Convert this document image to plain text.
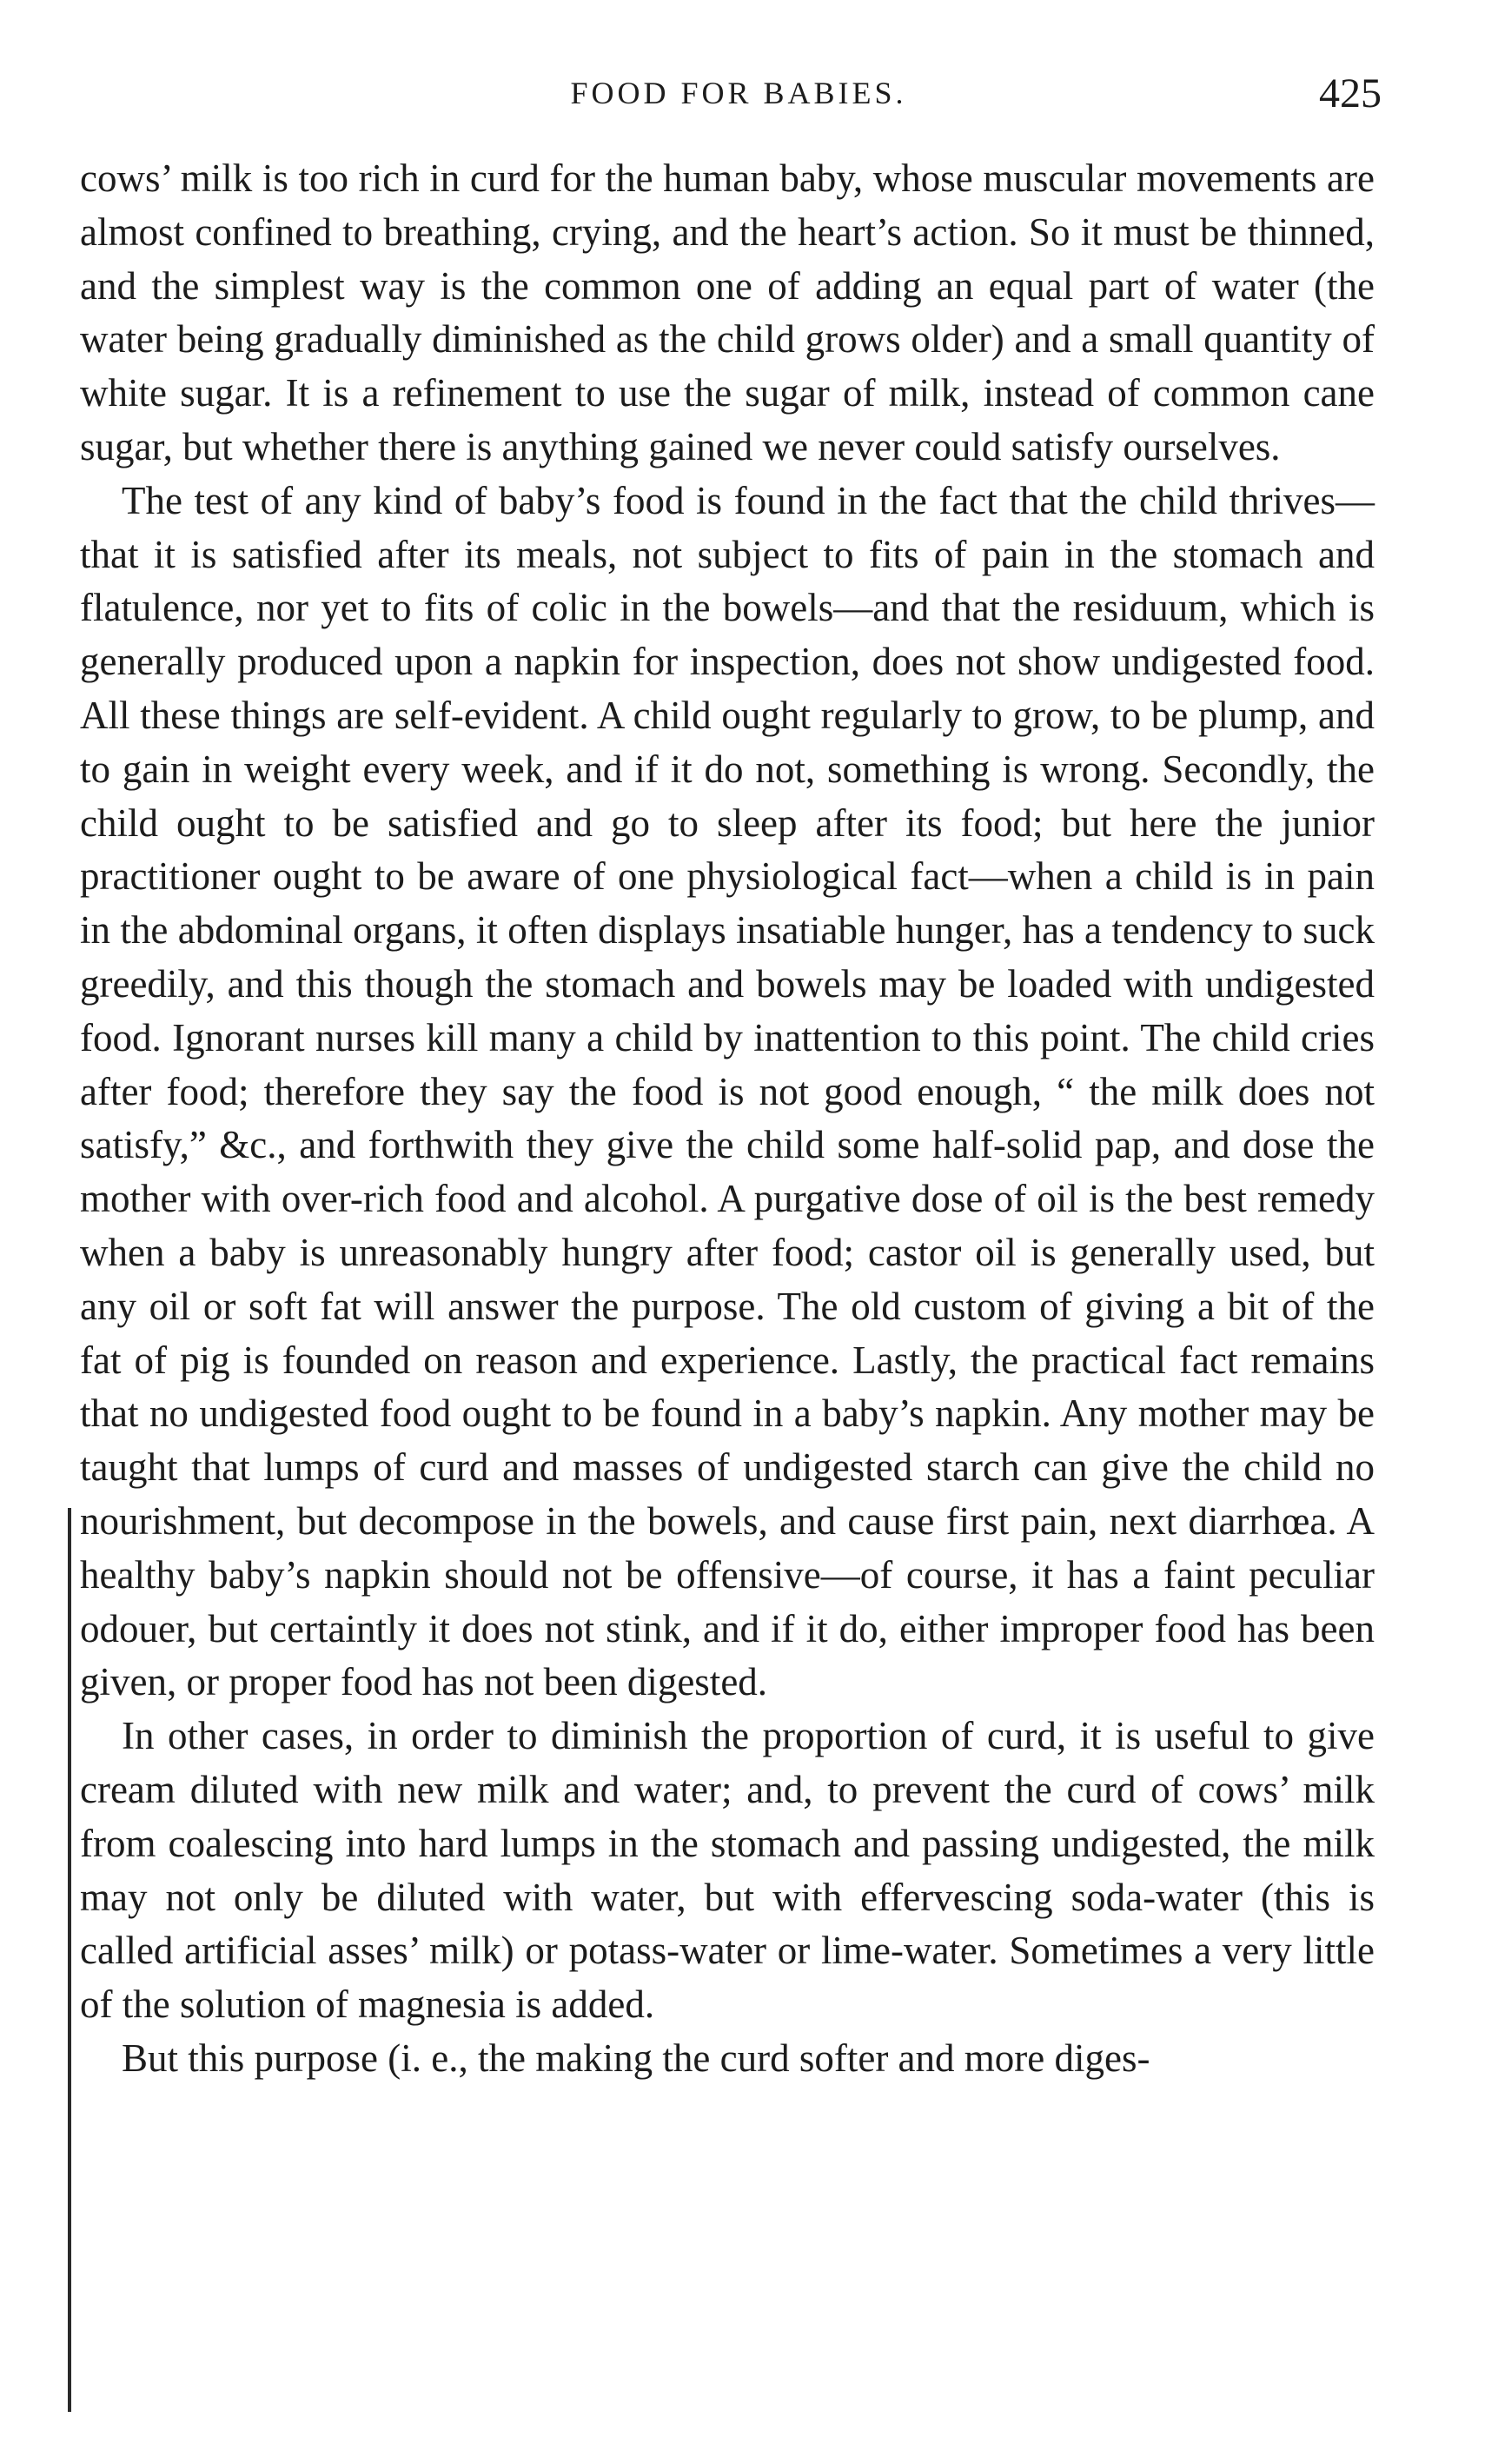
FOOD FOR BABIES.	425

cows’ milk is too rich in curd for the human baby, whose muscular movements are almost confined to breathing, crying, and the heart’s action. So it must be thinned, and the simplest way is the common one of adding an equal part of water (the water being gradually diminished as the child grows older) and a small quantity of white sugar. It is a refinement to use the sugar of milk, instead of common cane sugar, but whether there is anything gained we never could satisfy ourselves.

The test of any kind of baby’s food is found in the fact that the child thrives—that it is satisfied after its meals, not subject to fits of pain in the stomach and flatulence, nor yet to fits of colic in the bowels—and that the residuum, which is generally produced upon a napkin for inspection, does not show undigested food. All these things are self-evident. A child ought regularly to grow, to be plump, and to gain in weight every week, and if it do not, something is wrong. Secondly, the child ought to be satisfied and go to sleep after its food; but here the junior practitioner ought to be aware of one physiological fact—when a child is in pain in the abdominal organs, it often displays insatiable hunger, has a tendency to suck greedily, and this though the stomach and bowels may be loaded with undigested food. Ignorant nurses kill many a child by inattention to this point. The child cries after food; therefore they say the food is not good enough, “ the milk does not satisfy,” &c., and forthwith they give the child some half-solid pap, and dose the mother with over-rich food and alcohol. A purgative dose of oil is the best remedy when a baby is unreasonably hungry after food; castor oil is generally used, but any oil or soft fat will answer the purpose. The old custom of giving a bit of the fat of pig is founded on reason and experience. Lastly, the practical fact remains that no undigested food ought to be found in a baby’s napkin. Any mother may be taught that lumps of curd and masses of undigested starch can give the child no nourishment, but decompose in the bowels, and cause first pain, next diarrhœa. A healthy baby’s napkin should not be offensive—of course, it has a faint peculiar odouer, but certaintly it does not stink, and if it do, either improper food has been given, or proper food has not been digested.

In other cases, in order to diminish the proportion of curd, it is useful to give cream diluted with new milk and water; and, to prevent the curd of cows’ milk from coalescing into hard lumps in the stomach and passing undigested, the milk may not only be diluted with water, but with effervescing soda-water (this is called artificial asses’ milk) or potass-water or lime-water. Sometimes a very little of the solution of magnesia is added.

But this purpose (i. e., the making the curd softer and more diges-
